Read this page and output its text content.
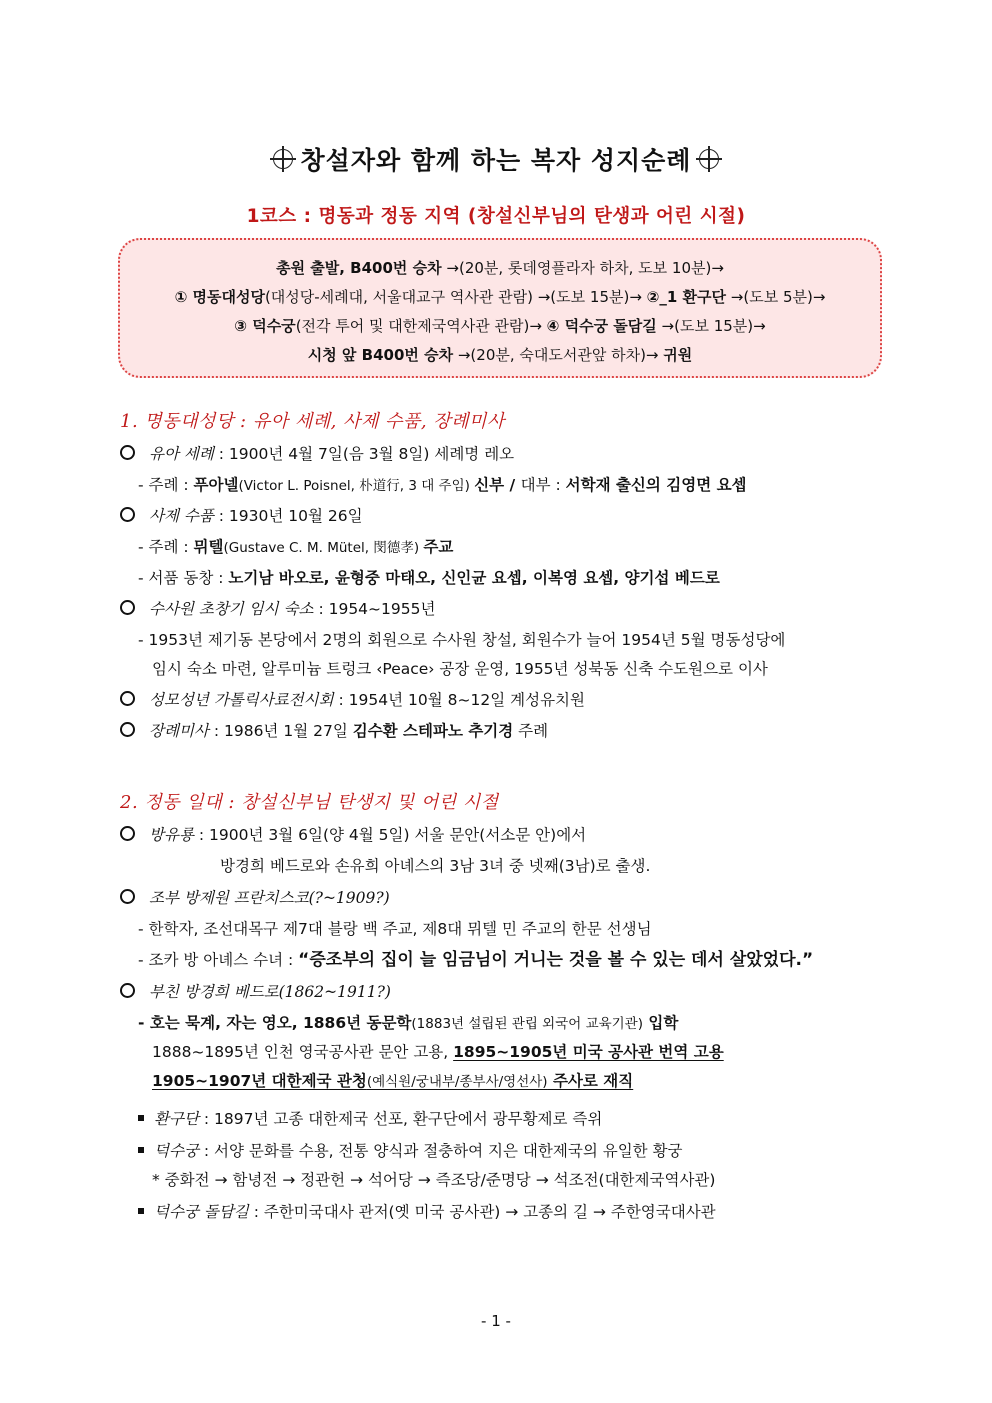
창설자와 함께 하는 복자 성지순례
1코스 : 명동과 정동 지역 (창설신부님의 탄생과 어린 시절)
총원 출발, B400번 승차 →(20분, 롯데영플라자 하차, 도보 10분)→
① 명동대성당(대성당-세례대, 서울대교구 역사관 관람) →(도보 15분)→ ②_1 환구단 →(도보 5분)→
③ 덕수궁(전각 투어 및 대한제국역사관 관람)→ ④ 덕수궁 돌담길 →(도보 15분)→
시청 앞 B400번 승차 →(20분, 숙대도서관앞 하차)→ 귀원
1. 명동대성당 : 유아 세례, 사제 수품, 장례미사
유아 세례 : 1900년 4월 7일(음 3월 8일) 세례명 레오
- 주례 : 푸아넬(Victor L. Poisnel, 朴道行, 3 대 주임) 신부 / 대부 : 서학재 출신의 김영면 요셉
사제 수품 : 1930년 10월 26일
- 주례 : 뮈텔(Gustave C. M. Mütel, 閔德孝) 주교
- 서품 동창 : 노기남 바오로, 윤형중 마태오, 신인균 요셉, 이복영 요셉, 양기섭 베드로
수사원 초창기 임시 숙소 : 1954~1955년
- 1953년 제기동 본당에서 2명의 회원으로 수사원 창설, 회원수가 늘어 1954년 5월 명동성당에
임시 숙소 마련, 알루미늄 트렁크 ‹Peace› 공장 운영, 1955년 성북동 신축 수도원으로 이사
성모성년 가톨릭사료전시회 : 1954년 10월 8~12일 계성유치원
장례미사 : 1986년 1월 27일 김수환 스테파노 추기경 주례
2. 정동 일대 : 창설신부님 탄생지 및 어린 시절
방유룡 : 1900년 3월 6일(양 4월 5일) 서울 문안(서소문 안)에서
방경희 베드로와 손유희 아녜스의 3남 3녀 중 넷째(3남)로 출생.
조부 방제원 프란치스코(?~1909?)
- 한학자, 조선대목구 제7대 블랑 백 주교, 제8대 뮈텔 민 주교의 한문 선생님
- 조카 방 아녜스 수녀 : “증조부의 집이 늘 임금님이 거니는 것을 볼 수 있는 데서 살았었다.”
부친 방경희 베드로(1862~1911?)
- 호는 묵계, 자는 영오, 1886년 동문학(1883년 설립된 관립 외국어 교육기관) 입학
1888~1895년 인천 영국공사관 문안 고용, 1895~1905년 미국 공사관 번역 고용
1905~1907년 대한제국 관청(예식원/궁내부/종부사/영선사) 주사로 재직
환구단 : 1897년 고종 대한제국 선포, 환구단에서 광무황제로 즉위
덕수궁 : 서양 문화를 수용, 전통 양식과 절충하여 지은 대한제국의 유일한 황궁
* 중화전 → 함녕전 → 정관헌 → 석어당 → 즉조당/준명당 → 석조전(대한제국역사관)
덕수궁 돌담길 : 주한미국대사 관저(옛 미국 공사관) → 고종의 길 → 주한영국대사관
- 1 -
